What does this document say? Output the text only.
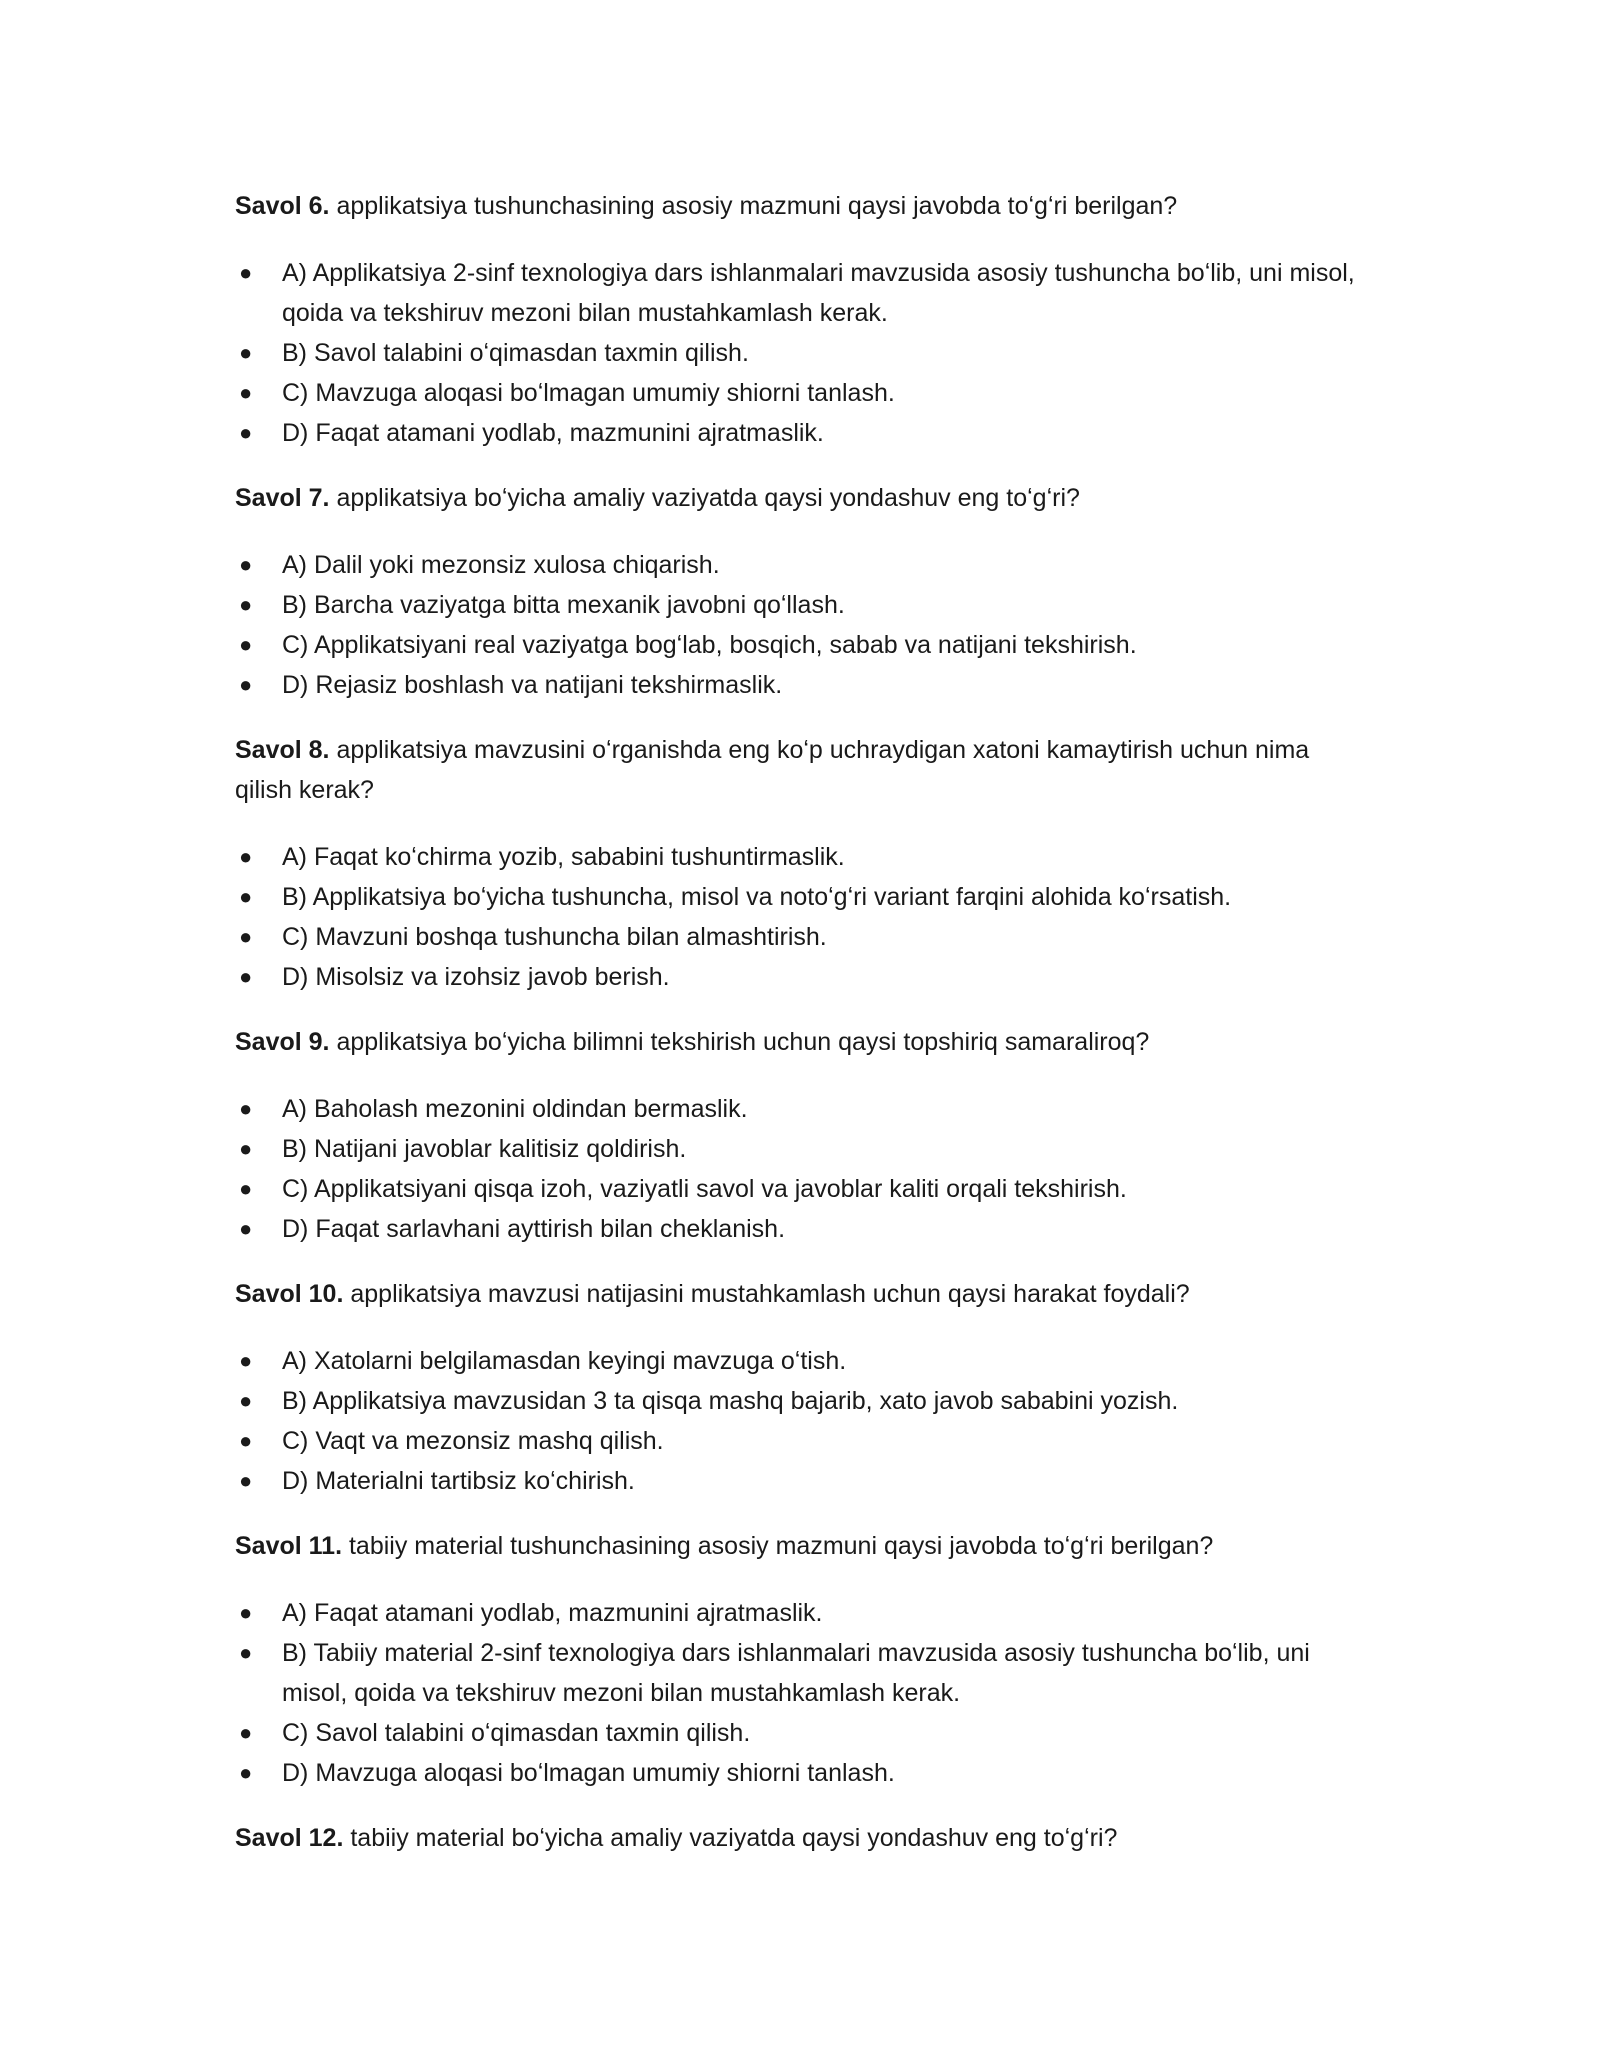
Savol 6. applikatsiya tushunchasining asosiy mazmuni qaysi javobda toʻgʻri berilgan?

● A) Applikatsiya 2-sinf texnologiya dars ishlanmalari mavzusida asosiy tushuncha boʻlib, uni misol, qoida va tekshiruv mezoni bilan mustahkamlash kerak.
● B) Savol talabini oʻqimasdan taxmin qilish.
● C) Mavzuga aloqasi boʻlmagan umumiy shiorni tanlash.
● D) Faqat atamani yodlab, mazmunini ajratmaslik.

Savol 7. applikatsiya boʻyicha amaliy vaziyatda qaysi yondashuv eng toʻgʻri?

● A) Dalil yoki mezonsiz xulosa chiqarish.
● B) Barcha vaziyatga bitta mexanik javobni qoʻllash.
● C) Applikatsiyani real vaziyatga bogʻlab, bosqich, sabab va natijani tekshirish.
● D) Rejasiz boshlash va natijani tekshirmaslik.

Savol 8. applikatsiya mavzusini oʻrganishda eng koʻp uchraydigan xatoni kamaytirish uchun nima qilish kerak?

● A) Faqat koʻchirma yozib, sababini tushuntirmaslik.
● B) Applikatsiya boʻyicha tushuncha, misol va notoʻgʻri variant farqini alohida koʻrsatish.
● C) Mavzuni boshqa tushuncha bilan almashtirish.
● D) Misolsiz va izohsiz javob berish.

Savol 9. applikatsiya boʻyicha bilimni tekshirish uchun qaysi topshiriq samaraliroq?

● A) Baholash mezonini oldindan bermaslik.
● B) Natijani javoblar kalitisiz qoldirish.
● C) Applikatsiyani qisqa izoh, vaziyatli savol va javoblar kaliti orqali tekshirish.
● D) Faqat sarlavhani ayttirish bilan cheklanish.

Savol 10. applikatsiya mavzusi natijasini mustahkamlash uchun qaysi harakat foydali?

● A) Xatolarni belgilamasdan keyingi mavzuga oʻtish.
● B) Applikatsiya mavzusidan 3 ta qisqa mashq bajarib, xato javob sababini yozish.
● C) Vaqt va mezonsiz mashq qilish.
● D) Materialni tartibsiz koʻchirish.

Savol 11. tabiiy material tushunchasining asosiy mazmuni qaysi javobda toʻgʻri berilgan?

● A) Faqat atamani yodlab, mazmunini ajratmaslik.
● B) Tabiiy material 2-sinf texnologiya dars ishlanmalari mavzusida asosiy tushuncha boʻlib, uni misol, qoida va tekshiruv mezoni bilan mustahkamlash kerak.
● C) Savol talabini oʻqimasdan taxmin qilish.
● D) Mavzuga aloqasi boʻlmagan umumiy shiorni tanlash.

Savol 12. tabiiy material boʻyicha amaliy vaziyatda qaysi yondashuv eng toʻgʻri?
